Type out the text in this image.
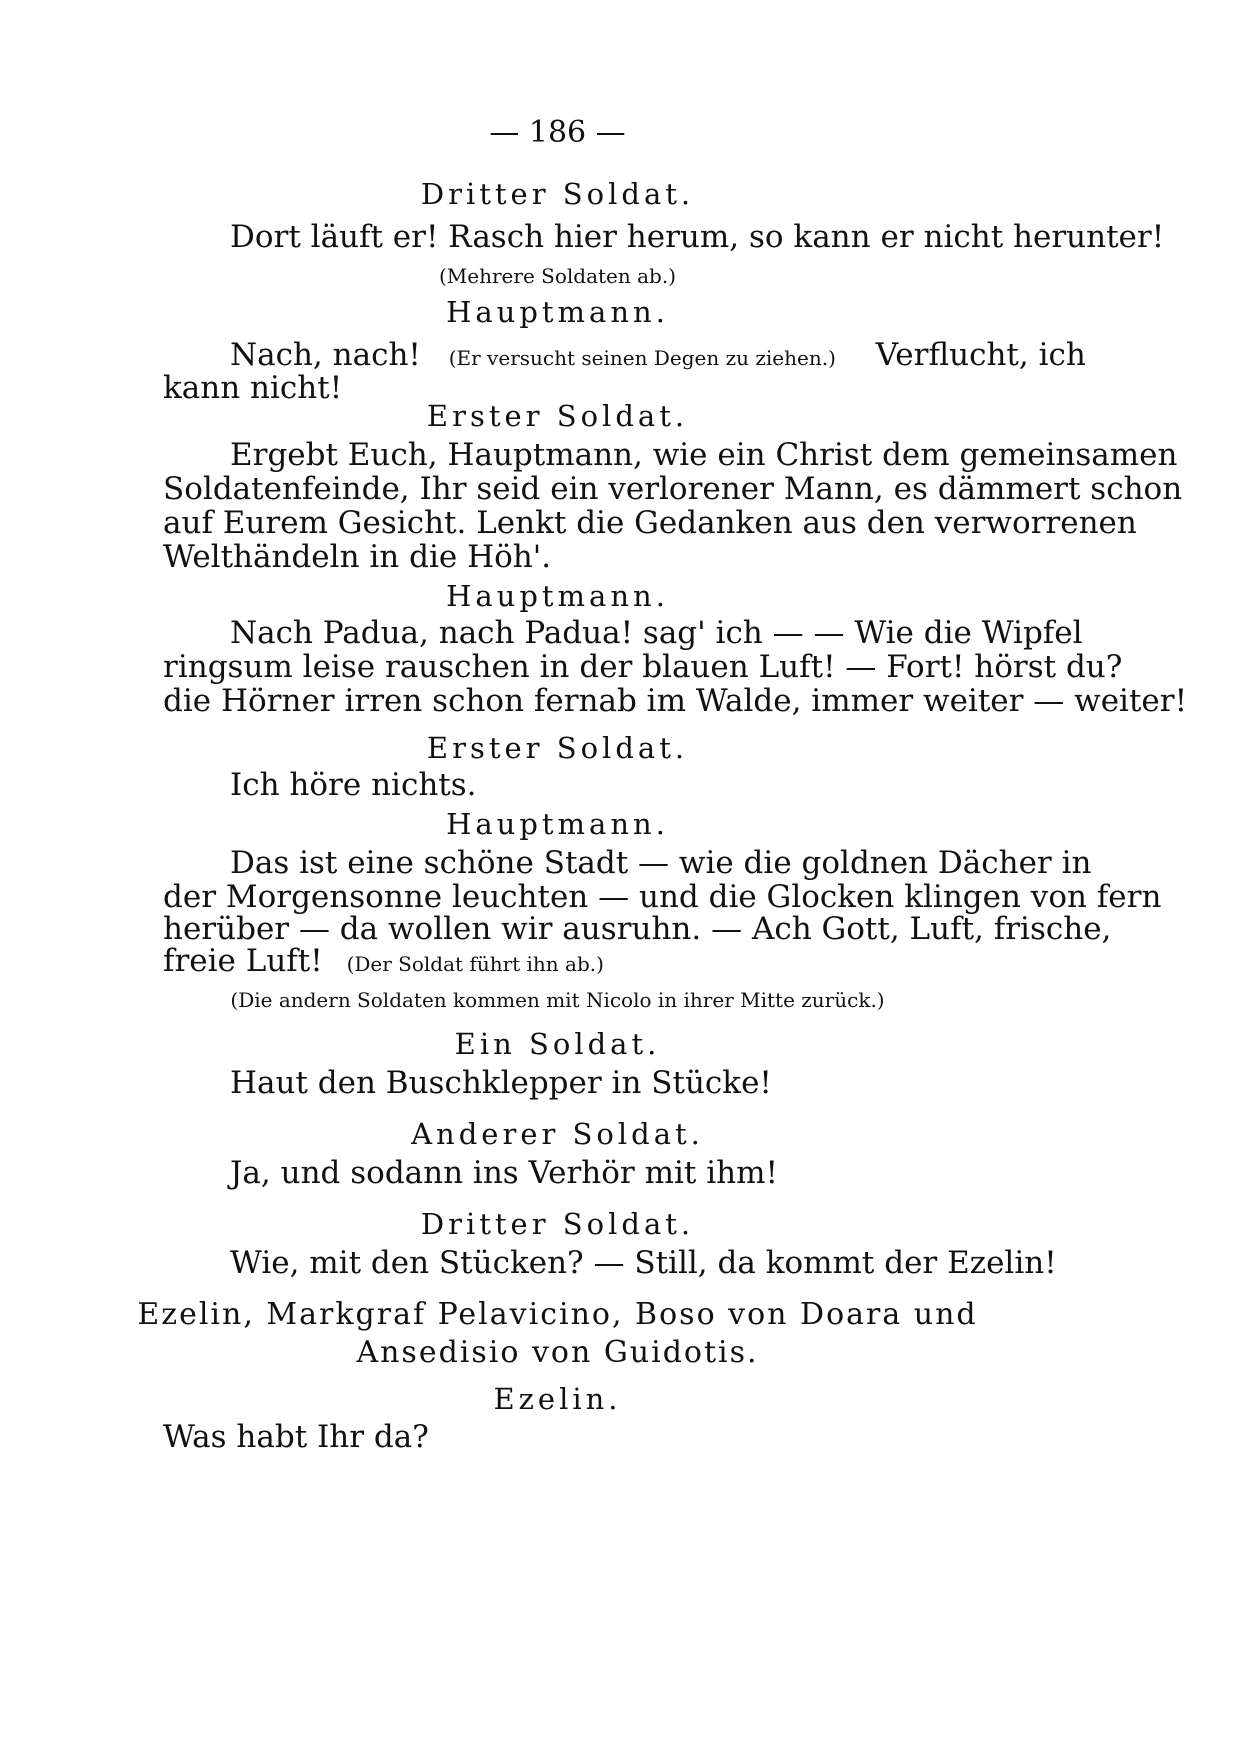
— 186 —
Dritter Soldat.
Dort läuft er! Rasch hier herum, so kann er nicht herunter!
(Mehrere Soldaten ab.)
Hauptmann.
Nach, nach! (Er versucht seinen Degen zu ziehen.) Verflucht, ich
kann nicht!
Erster Soldat.
Ergebt Euch, Hauptmann, wie ein Christ dem gemeinsamen
Soldatenfeinde, Ihr seid ein verlorener Mann, es dämmert schon
auf Eurem Gesicht. Lenkt die Gedanken aus den verworrenen
Welthändeln in die Höh'.
Hauptmann.
Nach Padua, nach Padua! sag' ich — — Wie die Wipfel
ringsum leise rauschen in der blauen Luft! — Fort! hörst du?
die Hörner irren schon fernab im Walde, immer weiter — weiter!
Erster Soldat.
Ich höre nichts.
Hauptmann.
Das ist eine schöne Stadt — wie die goldnen Dächer in
der Morgensonne leuchten — und die Glocken klingen von fern
herüber — da wollen wir ausruhn. — Ach Gott, Luft, frische,
freie Luft! (Der Soldat führt ihn ab.)
(Die andern Soldaten kommen mit Nicolo in ihrer Mitte zurück.)
Ein Soldat.
Haut den Buschklepper in Stücke!
Anderer Soldat.
Ja, und sodann ins Verhör mit ihm!
Dritter Soldat.
Wie, mit den Stücken? — Still, da kommt der Ezelin!
Ezelin, Markgraf Pelavicino, Boso von Doara und
Ansedisio von Guidotis.
Ezelin.
Was habt Ihr da?
